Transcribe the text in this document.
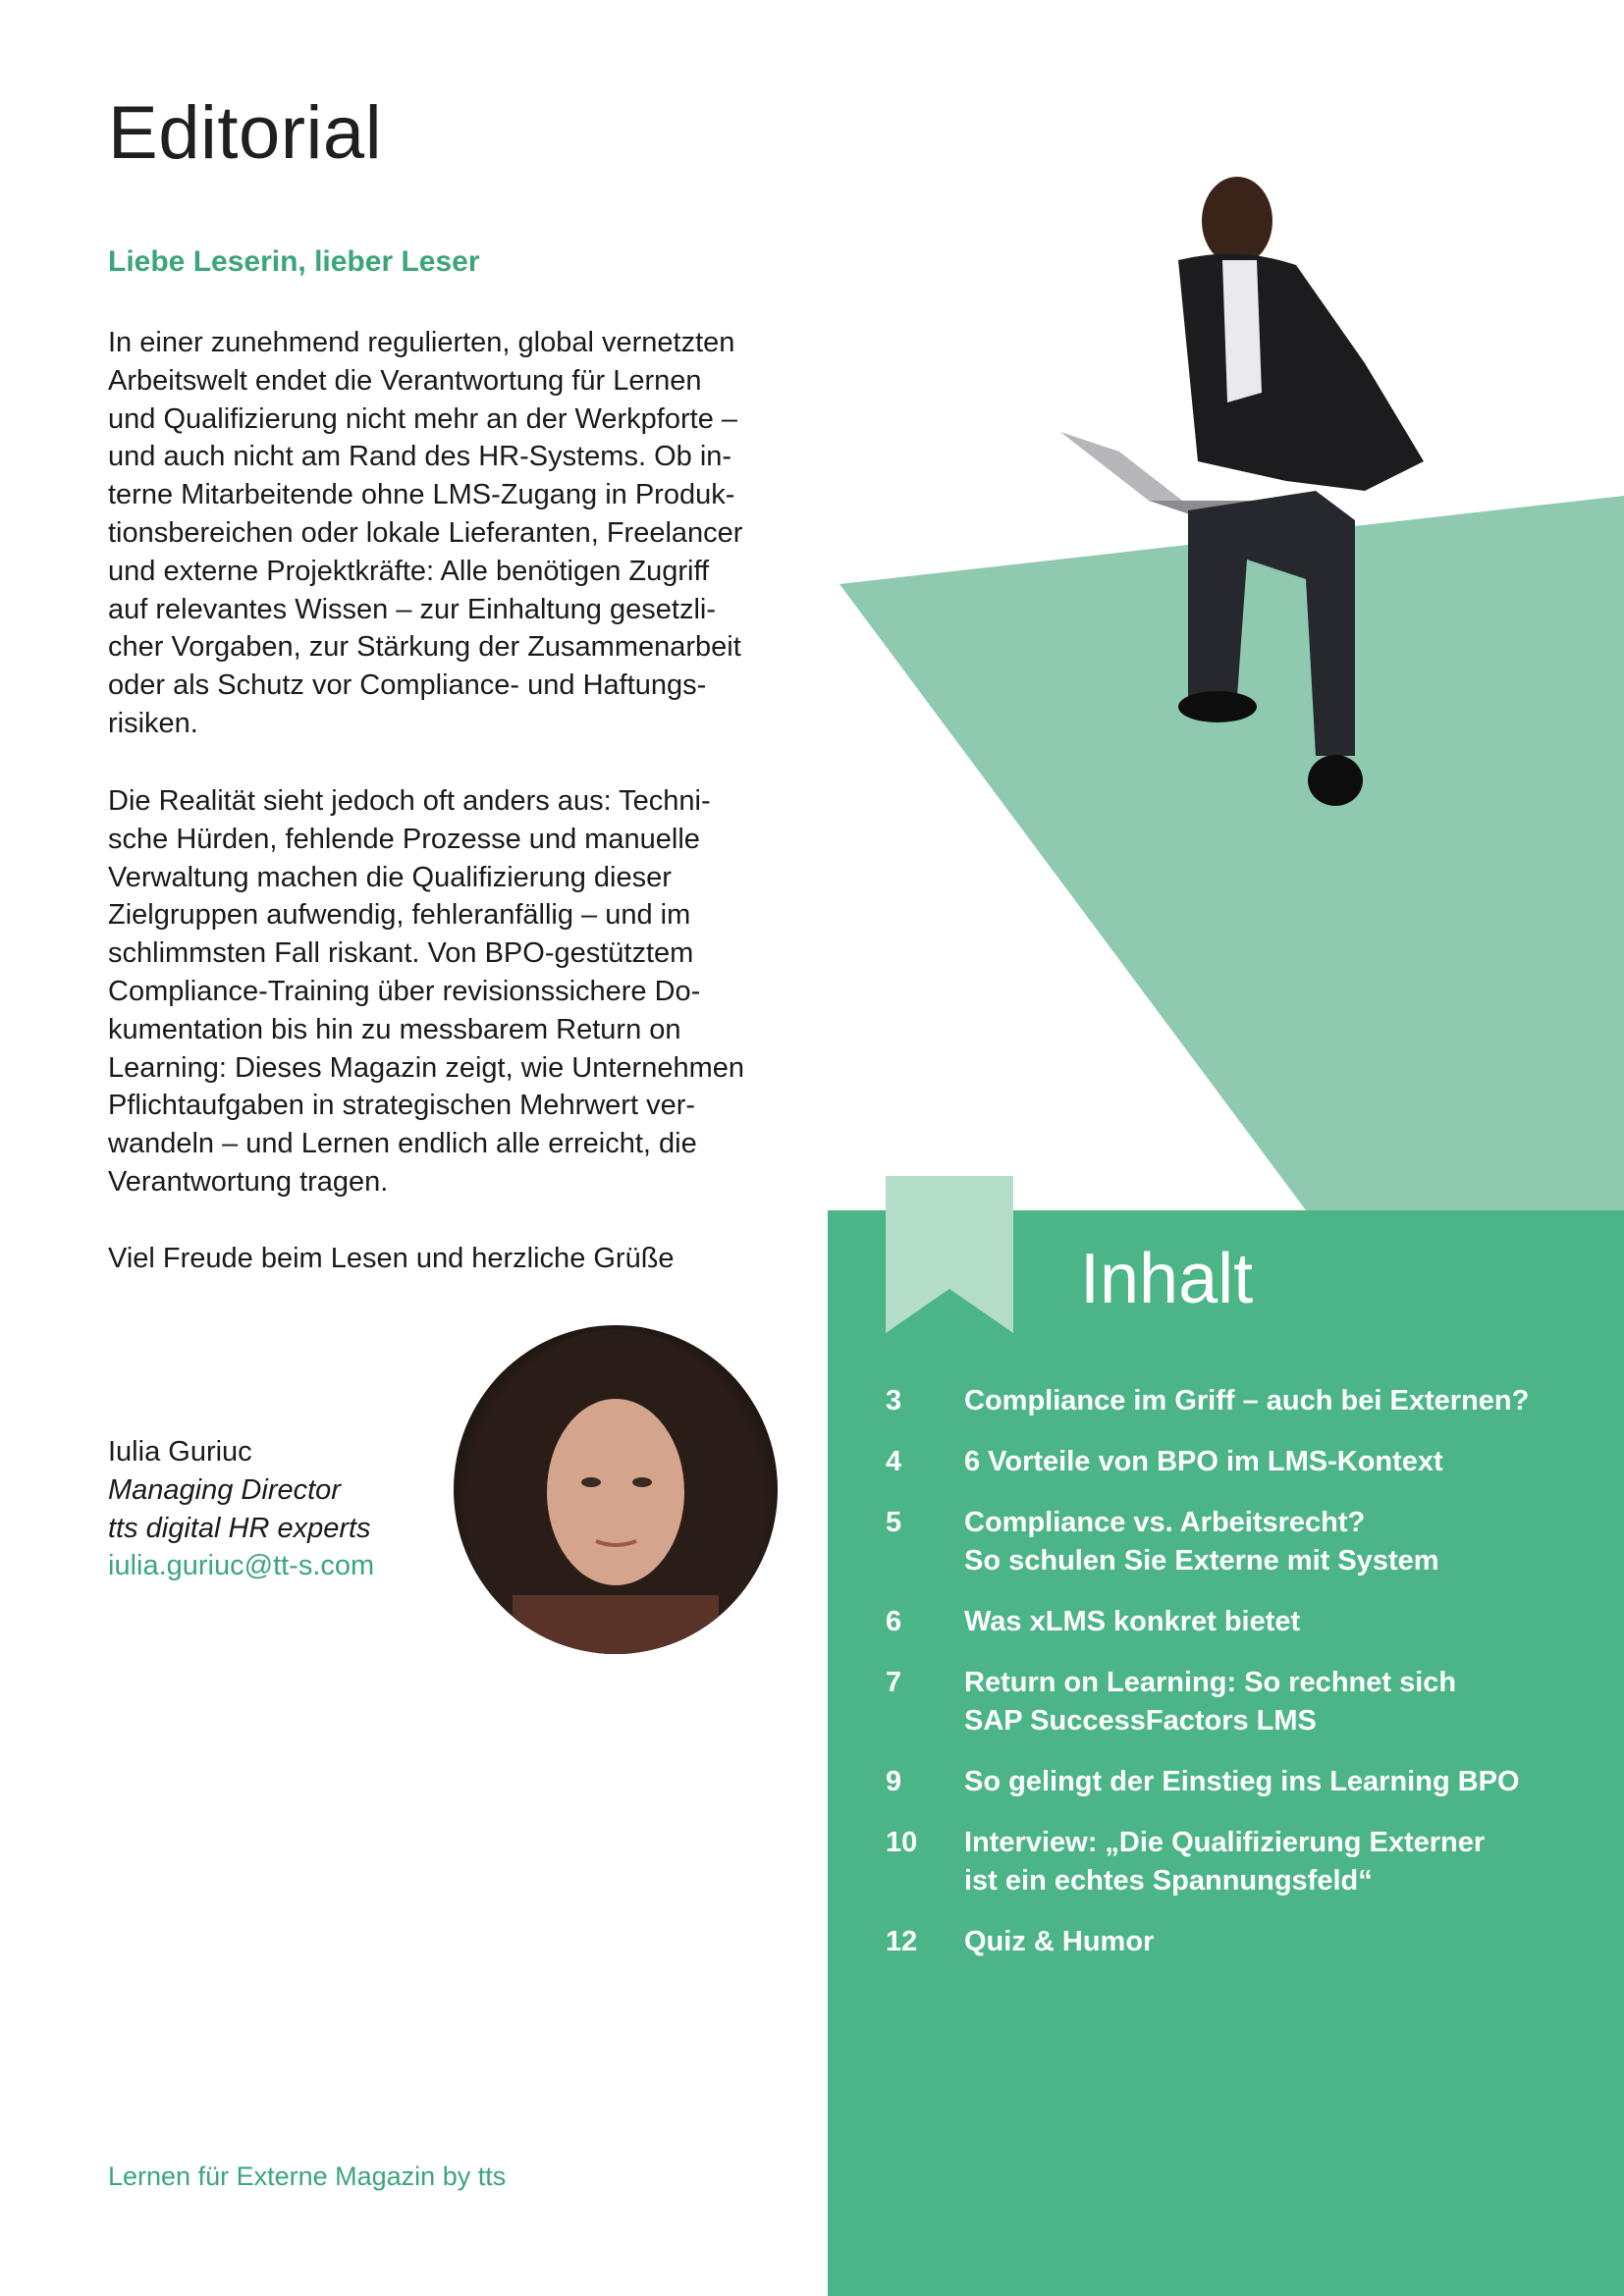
Editorial
Liebe Leserin, lieber Leser
In einer zunehmend regulierten, global vernetzten
Arbeitswelt endet die Verantwortung für Lernen
und Qualifizierung nicht mehr an der Werkpforte –
und auch nicht am Rand des HR-Systems. Ob in-
terne Mitarbeitende ohne LMS-Zugang in Produk-
tionsbereichen oder lokale Lieferanten, Freelancer
und externe Projektkräfte: Alle benötigen Zugriff
auf relevantes Wissen – zur Einhaltung gesetzli-
cher Vorgaben, zur Stärkung der Zusammenarbeit
oder als Schutz vor Compliance- und Haftungs-
risiken.
Die Realität sieht jedoch oft anders aus: Techni-
sche Hürden, fehlende Prozesse und manuelle
Verwaltung machen die Qualifizierung dieser
Zielgruppen aufwendig, fehleranfällig – und im
schlimmsten Fall riskant. Von BPO-gestütztem
Compliance-Training über revisionssichere Do-
kumentation bis hin zu messbarem Return on
Learning: Dieses Magazin zeigt, wie Unternehmen
Pflichtaufgaben in strategischen Mehrwert ver-
wandeln – und Lernen endlich alle erreicht, die
Verantwortung tragen.
Viel Freude beim Lesen und herzliche Grüße
Iulia Guriuc
Managing Director
tts digital HR experts
iulia.guriuc@tt-s.com
Lernen für Externe Magazin by tts
Inhalt
3	Compliance im Griff – auch bei Externen?
4	6 Vorteile von BPO im LMS-Kontext
5	Compliance vs. Arbeitsrecht?
So schulen Sie Externe mit System
6	Was xLMS konkret bietet
7	Return on Learning: So rechnet sich
SAP SuccessFactors LMS
9	So gelingt der Einstieg ins Learning BPO
10	Interview: „Die Qualifizierung Externer
ist ein echtes Spannungsfeld“
12	Quiz & Humor
